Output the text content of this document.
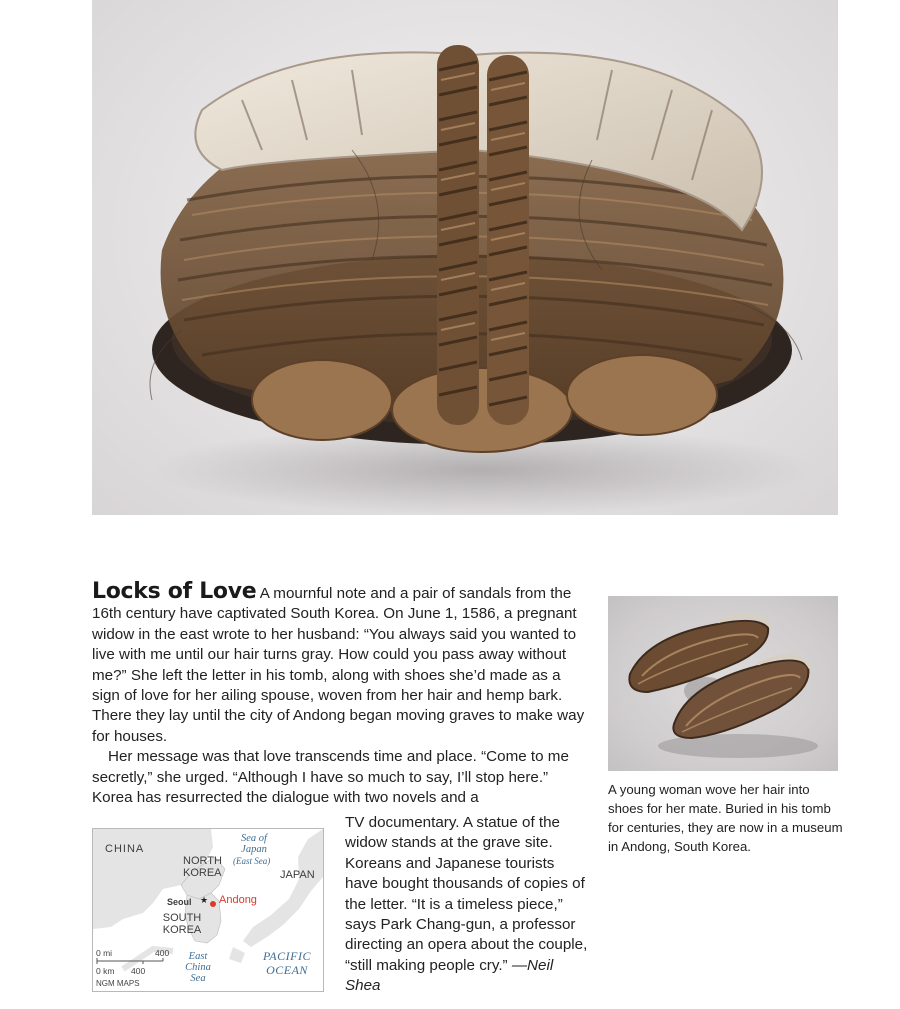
Locks of Love A mournful note and a pair of sandals from the 16th century have captivated South Korea. On June 1, 1586, a pregnant widow in the east wrote to her husband: “You always said you wanted to live with me until our hair turns gray. How could you pass away without me?” She left the letter in his tomb, along with shoes she’d made as a sign of love for her ailing spouse, woven from her hair and hemp bark. There they lay until the city of Andong began moving graves to make way for houses.

Her message was that love transcends time and place. “Come to me secretly,” she urged. “Although I have so much to say, I’ll stop here.” Korea has resurrected the dialogue with two novels and a

TV documentary. A statue of the widow stands at the grave site. Koreans and Japanese tourists have bought thousands of copies of the letter. “It is a timeless piece,” says Park Chang-gun, a professor directing an opera about the couple, “still making people cry.” —Neil Shea
★
CHINA
Sea of Japan
(East Sea)
NORTH KOREA	JAPAN
Seoul Andong
SOUTH KOREA
East China Sea
PACIFIC OCEAN
0 mi	400
0 km 400
NGM MAPS
A young woman wove her hair into shoes for her mate. Buried in his tomb for centuries, they are now in a museum in Andong, South Korea.
